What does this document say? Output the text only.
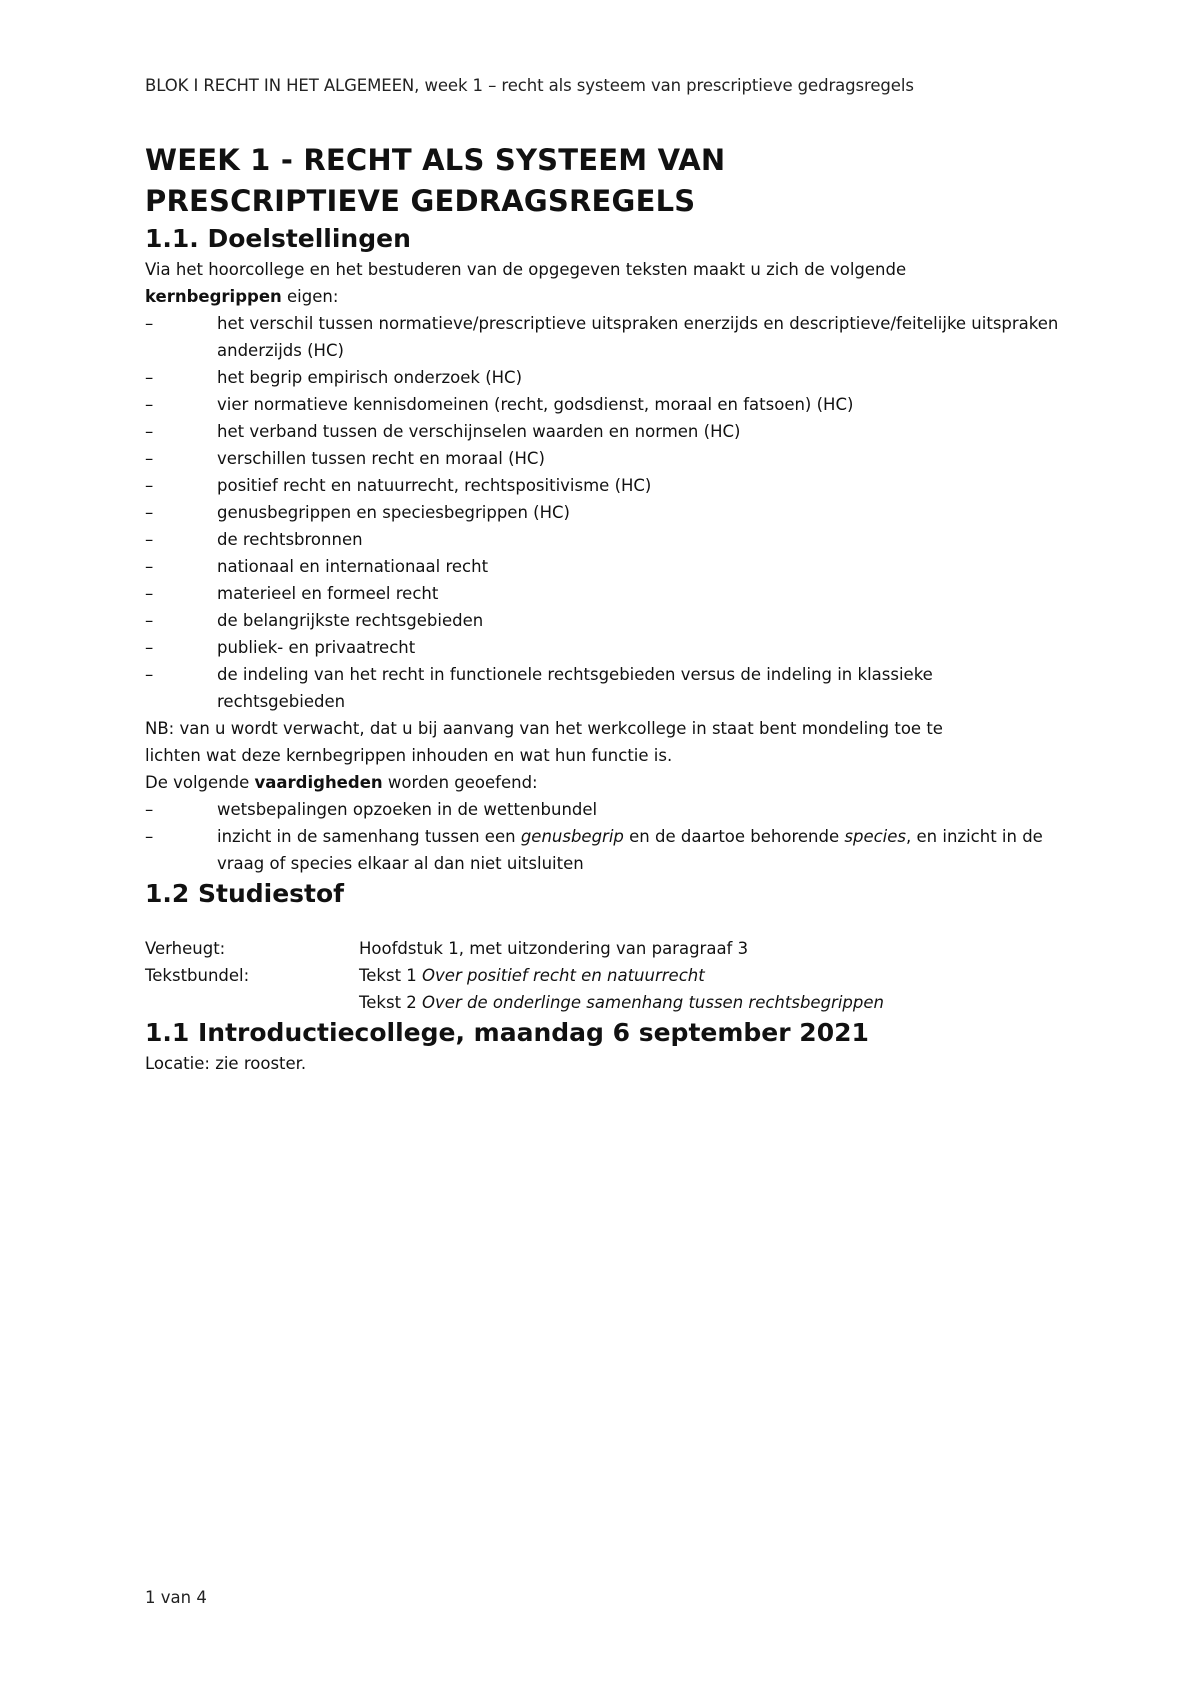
BLOK I RECHT IN HET ALGEMEEN, week 1 – recht als systeem van prescriptieve gedragsregels
WEEK 1 - RECHT ALS SYSTEEM VAN
PRESCRIPTIEVE GEDRAGSREGELS
1.1. Doelstellingen

Via het hoorcollege en het bestuderen van de opgegeven teksten maakt u zich de volgende
kernbegrippen eigen:

–	het verschil tussen normatieve/prescriptieve uitspraken enerzijds en descriptieve/feitelijke uitspraken anderzijds (HC)
–	het begrip empirisch onderzoek (HC)
–	vier normatieve kennisdomeinen (recht, godsdienst, moraal en fatsoen) (HC)
–	het verband tussen de verschijnselen waarden en normen (HC)
–	verschillen tussen recht en moraal (HC)
–	positief recht en natuurrecht, rechtspositivisme (HC)
–	genusbegrippen en speciesbegrippen (HC)
–	de rechtsbronnen
–	nationaal en internationaal recht
–	materieel en formeel recht
–	de belangrijkste rechtsgebieden
–	publiek- en privaatrecht
–	de indeling van het recht in functionele rechtsgebieden versus de indeling in klassieke rechtsgebieden

NB: van u wordt verwacht, dat u bij aanvang van het werkcollege in staat bent mondeling toe te
lichten wat deze kernbegrippen inhouden en wat hun functie is.

De volgende vaardigheden worden geoefend:

–	wetsbepalingen opzoeken in de wettenbundel
–	inzicht in de samenhang tussen een genusbegrip en de daartoe behorende species, en inzicht in de vraag of species elkaar al dan niet uitsluiten
1.2 Studiestof
Verheugt:	Hoofdstuk 1, met uitzondering van paragraaf 3
Tekstbundel:	Tekst 1 Over positief recht en natuurrecht
Tekst 2 Over de onderlinge samenhang tussen rechtsbegrippen
1.1 Introductiecollege, maandag 6 september 2021

Locatie: zie rooster.

1 van 4
